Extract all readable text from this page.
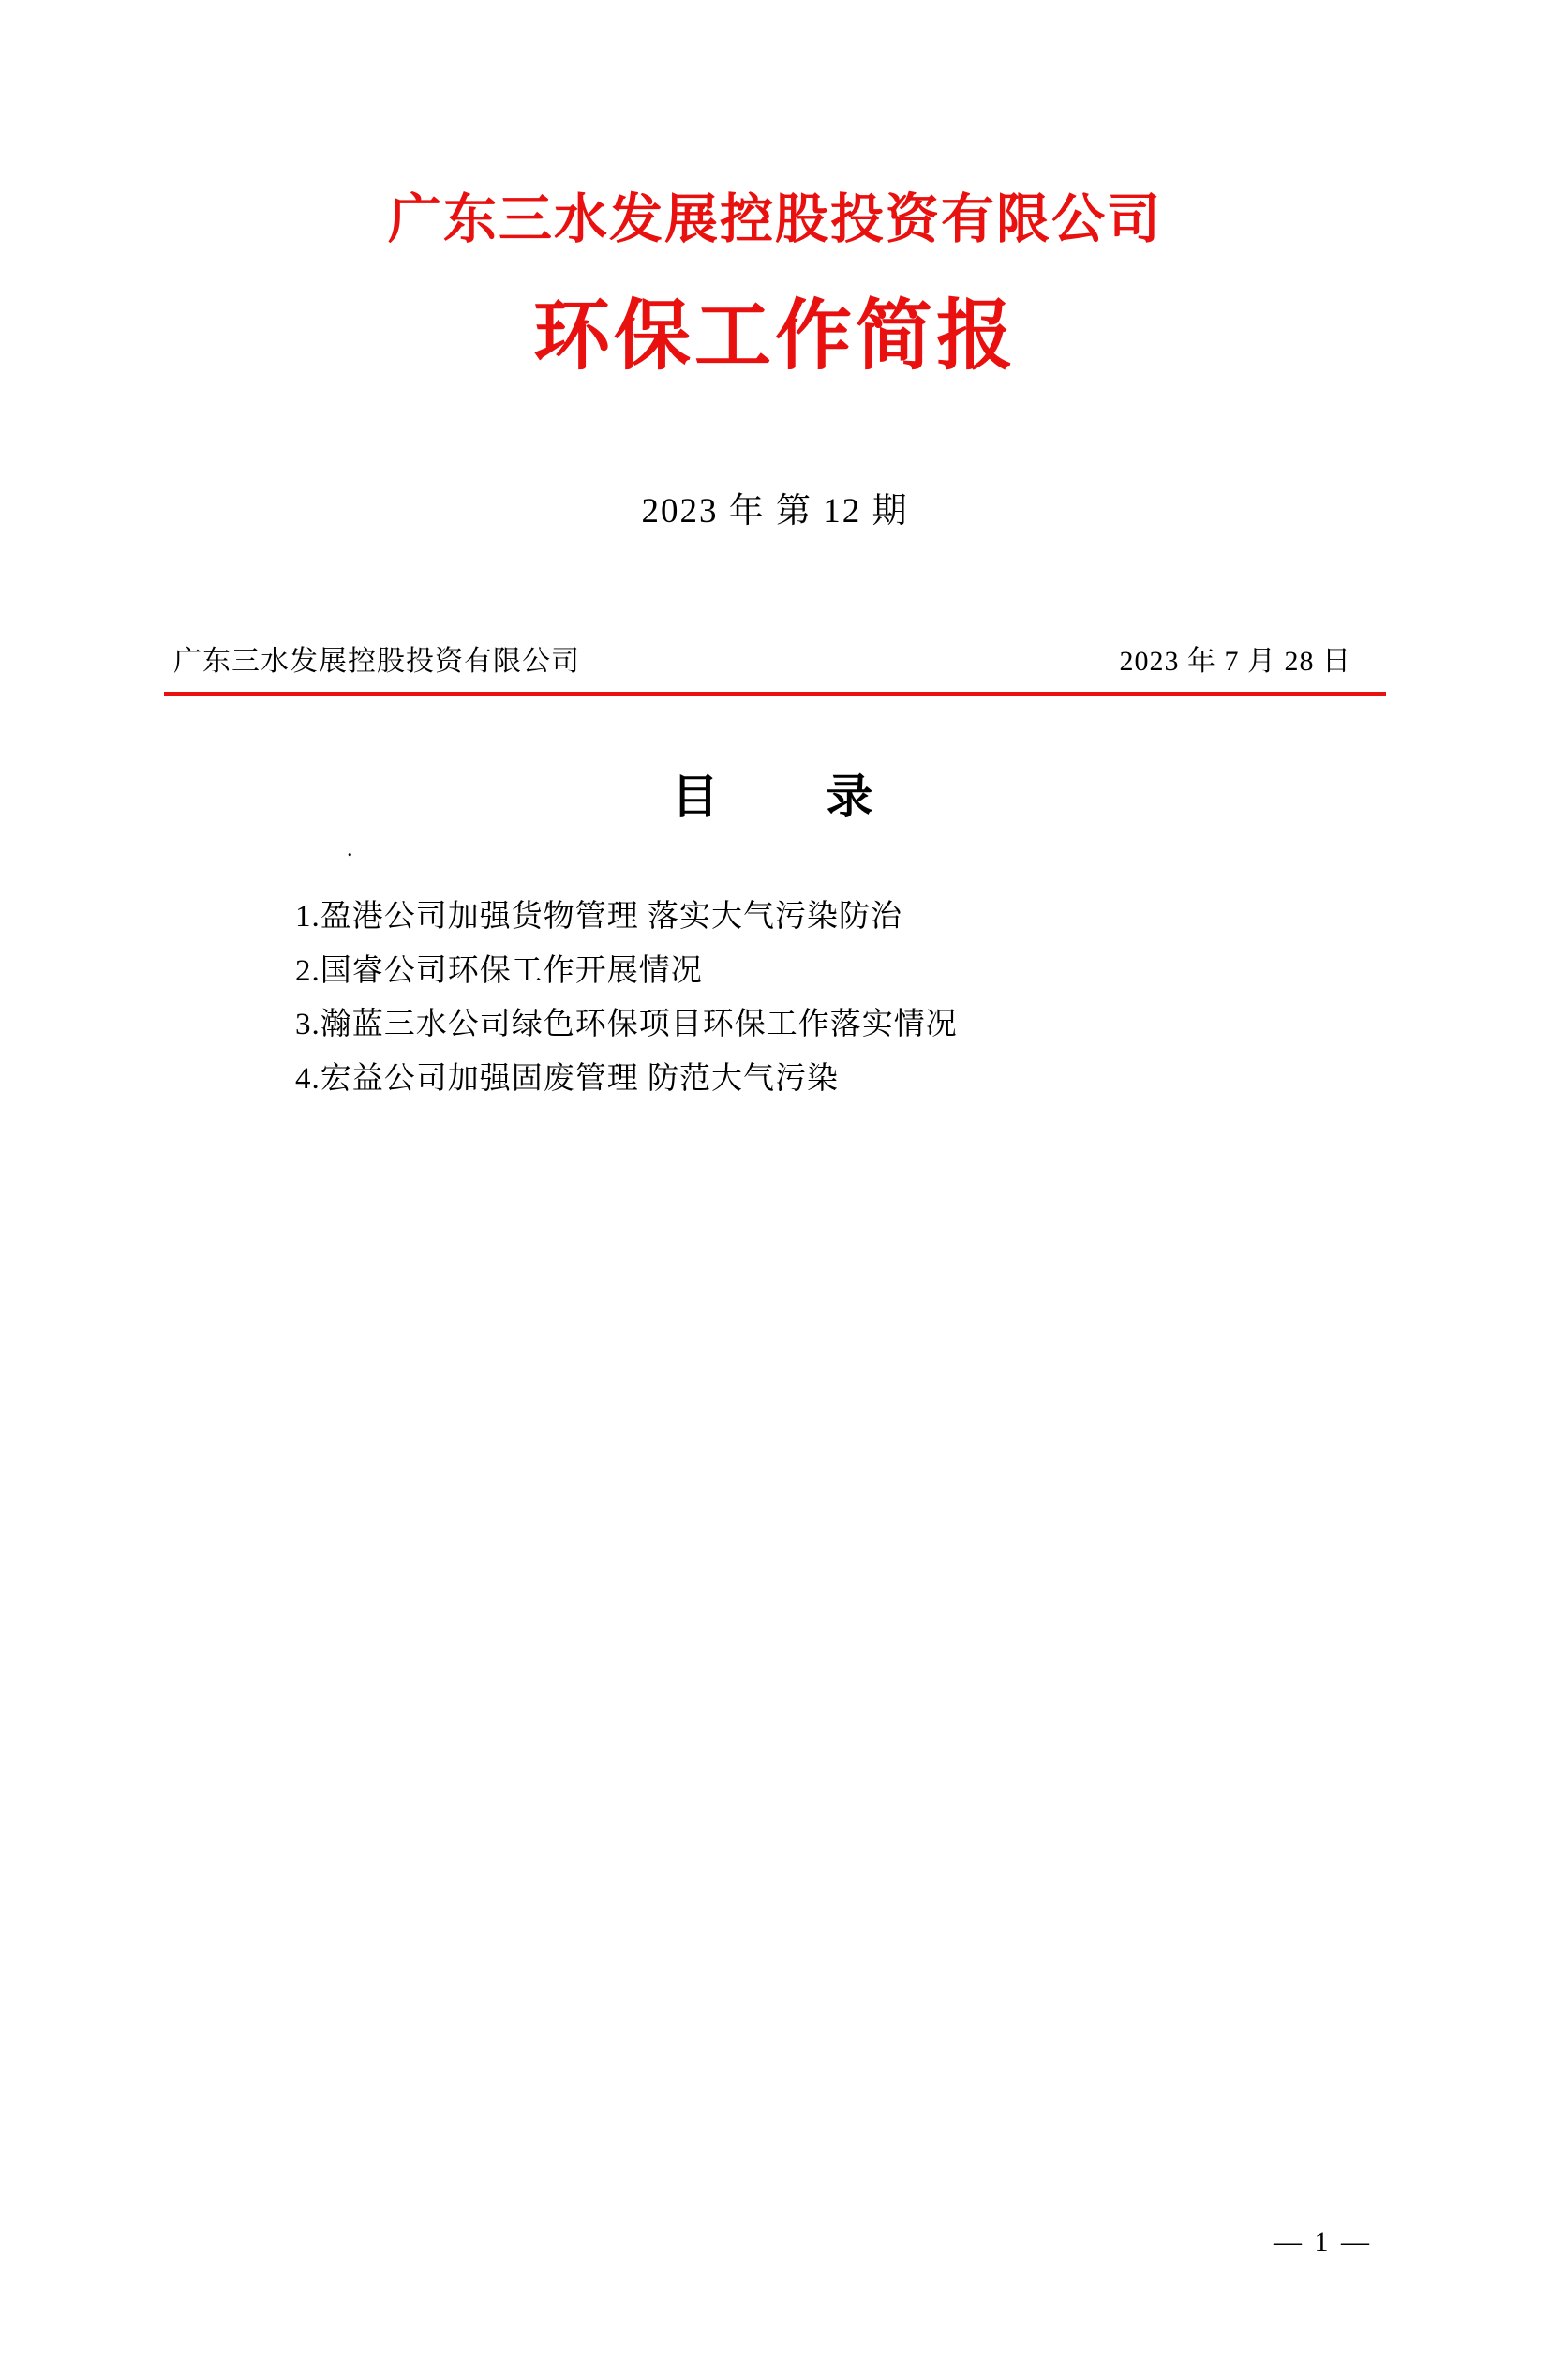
广东三水发展控股投资有限公司
环保工作简报
2023 年 第 12 期
广东三水发展控股投资有限公司	2023 年 7 月 28 日
目 录
.
1.盈港公司加强货物管理 落实大气污染防治
2.国睿公司环保工作开展情况
3.瀚蓝三水公司绿色环保项目环保工作落实情况
4.宏益公司加强固废管理 防范大气污染
— 1 —
